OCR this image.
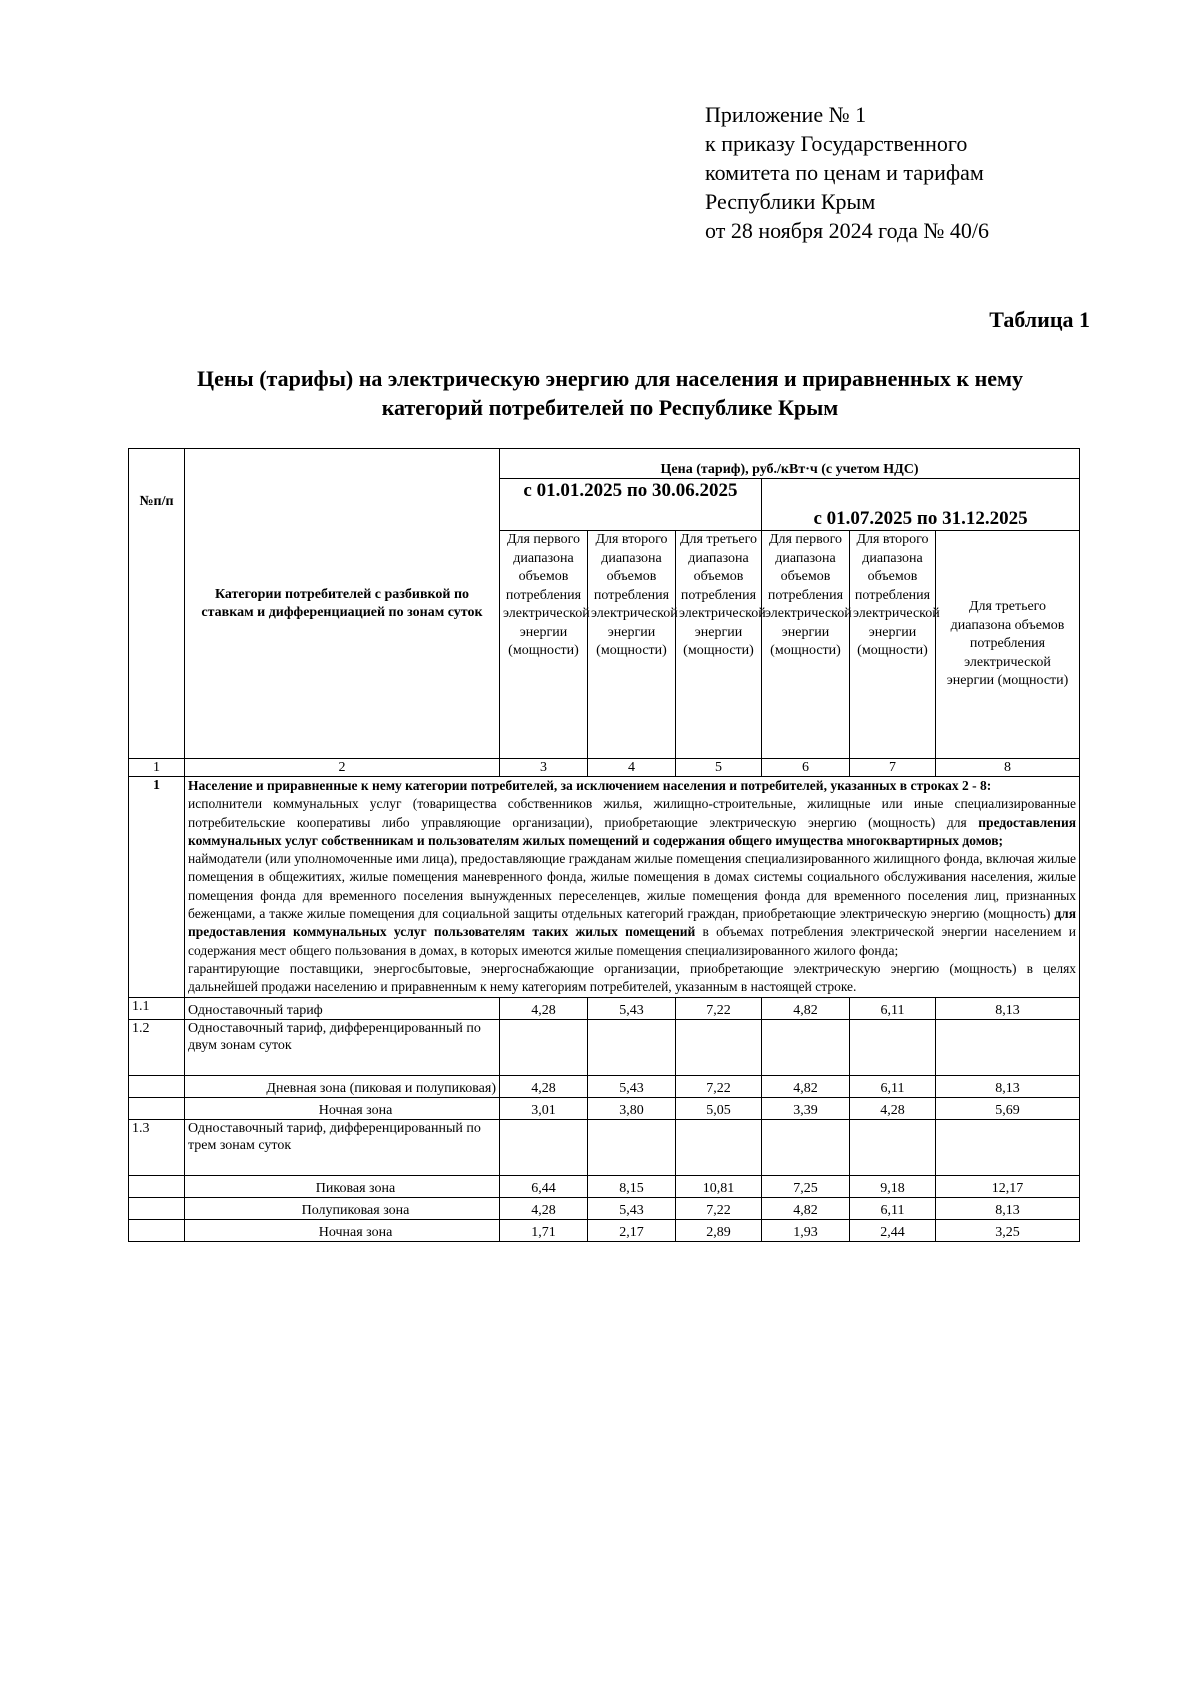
Приложение № 1
к приказу Государственного
комитета по ценам и тарифам
Республики Крым
от 28 ноября 2024 года № 40/6
Таблица 1
Цены (тарифы) на электрическую энергию для населения и приравненных к нему
категорий потребителей по Республике Крым
№п/п	Категории потребителей с разбивкой по ставкам и дифференциацией по зонам суток	Цена (тариф), руб./кВт·ч (с учетом НДС)					
		с 01.01.2025 по 30.06.2025			с 01.07.2025 по 31.12.2025		
		Для первого диапазона объемов потребления электрической энергии (мощности)	Для второго диапазона объемов потребления электрической энергии (мощности)	Для третьего диапазона объемов потребления электрической энергии (мощности)	Для первого диапазона объемов потребления электрической энергии (мощности)	Для второго диапазона объемов потребления электрической энергии (мощности)	Для третьего диапазона объемов потребления электрической энергии (мощности)
1	2	3	4	5	6	7	8
1	Население и приравненные к нему категории потребителей, за исключением населения и потребителей, указанных в строках 2 - 8:
исполнители коммунальных услуг (товарищества собственников жилья, жилищно-строительные, жилищные или иные специализированные потребительские кооперативы либо управляющие организации), приобретающие электрическую энергию (мощность) для предоставления коммунальных услуг собственникам и пользователям жилых помещений и содержания общего имущества многоквартирных домов;
наймодатели (или уполномоченные ими лица), предоставляющие гражданам жилые помещения специализированного жилищного фонда, включая жилые помещения в общежитиях, жилые помещения маневренного фонда, жилые помещения в домах системы социального обслуживания населения, жилые помещения фонда для временного поселения вынужденных переселенцев, жилые помещения фонда для временного поселения лиц, признанных беженцами, а также жилые помещения для социальной защиты отдельных категорий граждан, приобретающие электрическую энергию (мощность) для предоставления коммунальных услуг пользователям таких жилых помещений в объемах потребления электрической энергии населением и содержания мест общего пользования в домах, в которых имеются жилые помещения специализированного жилого фонда;
гарантирующие поставщики, энергосбытовые, энергоснабжающие организации, приобретающие электрическую энергию (мощность) в целях дальнейшей продажи населению и приравненным к нему категориям потребителей, указанным в настоящей строке.						
1.1	Одноставочный тариф	4,28	5,43	7,22	4,82	6,11	8,13
1.2	Одноставочный тариф, дифференцированный по двум зонам суток						
	Дневная зона (пиковая и полупиковая)	4,28	5,43	7,22	4,82	6,11	8,13
	Ночная зона	3,01	3,80	5,05	3,39	4,28	5,69
1.3	Одноставочный тариф, дифференцированный по трем зонам суток						
	Пиковая зона	6,44	8,15	10,81	7,25	9,18	12,17
	Полупиковая зона	4,28	5,43	7,22	4,82	6,11	8,13
	Ночная зона	1,71	2,17	2,89	1,93	2,44	3,25
